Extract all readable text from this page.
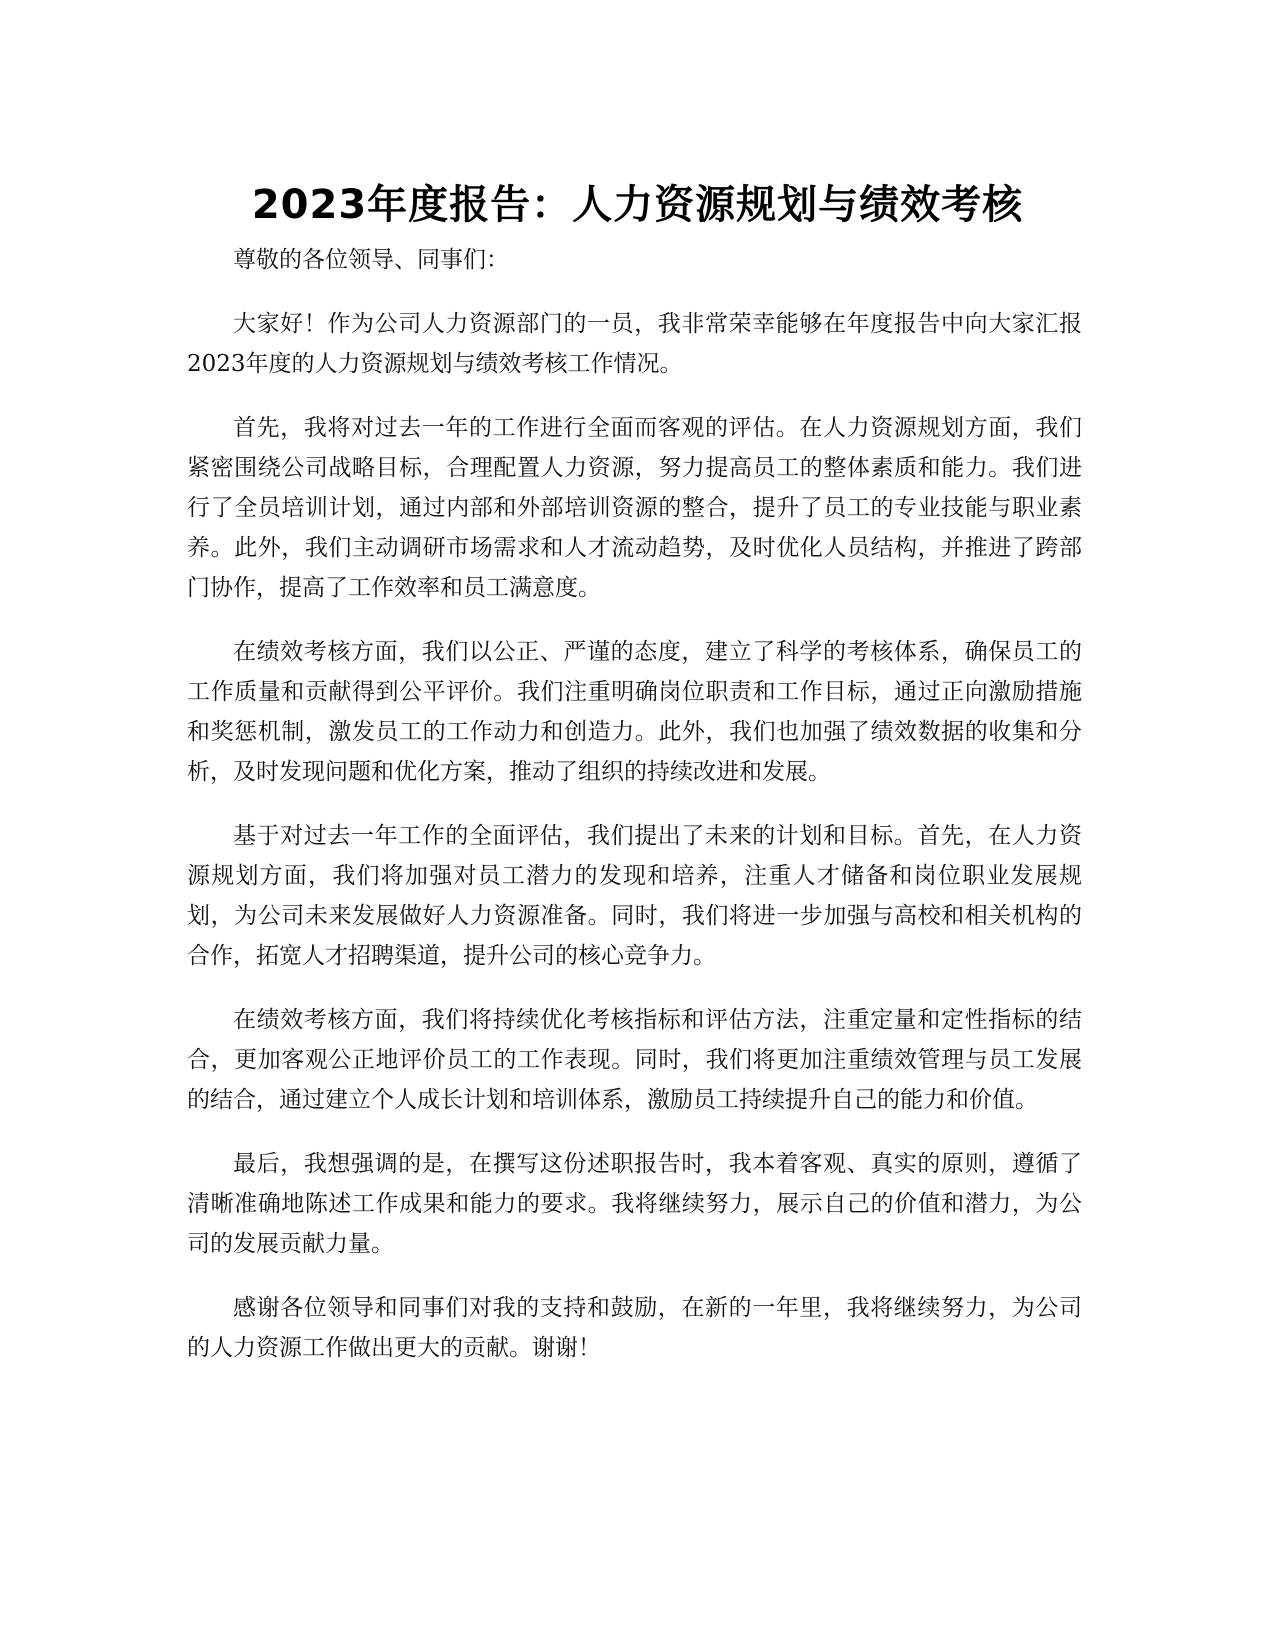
2023年度报告：人力资源规划与绩效考核

尊敬的各位领导、同事们：

大家好！作为公司人力资源部门的一员，我非常荣幸能够在年度报告中向大家汇报2023年度的人力资源规划与绩效考核工作情况。

首先，我将对过去一年的工作进行全面而客观的评估。在人力资源规划方面，我们紧密围绕公司战略目标，合理配置人力资源，努力提高员工的整体素质和能力。我们进行了全员培训计划，通过内部和外部培训资源的整合，提升了员工的专业技能与职业素养。此外，我们主动调研市场需求和人才流动趋势，及时优化人员结构，并推进了跨部门协作，提高了工作效率和员工满意度。

在绩效考核方面，我们以公正、严谨的态度，建立了科学的考核体系，确保员工的工作质量和贡献得到公平评价。我们注重明确岗位职责和工作目标，通过正向激励措施和奖惩机制，激发员工的工作动力和创造力。此外，我们也加强了绩效数据的收集和分析，及时发现问题和优化方案，推动了组织的持续改进和发展。

基于对过去一年工作的全面评估，我们提出了未来的计划和目标。首先，在人力资源规划方面，我们将加强对员工潜力的发现和培养，注重人才储备和岗位职业发展规划，为公司未来发展做好人力资源准备。同时，我们将进一步加强与高校和相关机构的合作，拓宽人才招聘渠道，提升公司的核心竞争力。

在绩效考核方面，我们将持续优化考核指标和评估方法，注重定量和定性指标的结合，更加客观公正地评价员工的工作表现。同时，我们将更加注重绩效管理与员工发展的结合，通过建立个人成长计划和培训体系，激励员工持续提升自己的能力和价值。

最后，我想强调的是，在撰写这份述职报告时，我本着客观、真实的原则，遵循了清晰准确地陈述工作成果和能力的要求。我将继续努力，展示自己的价值和潜力，为公司的发展贡献力量。

感谢各位领导和同事们对我的支持和鼓励，在新的一年里，我将继续努力，为公司的人力资源工作做出更大的贡献。谢谢！
